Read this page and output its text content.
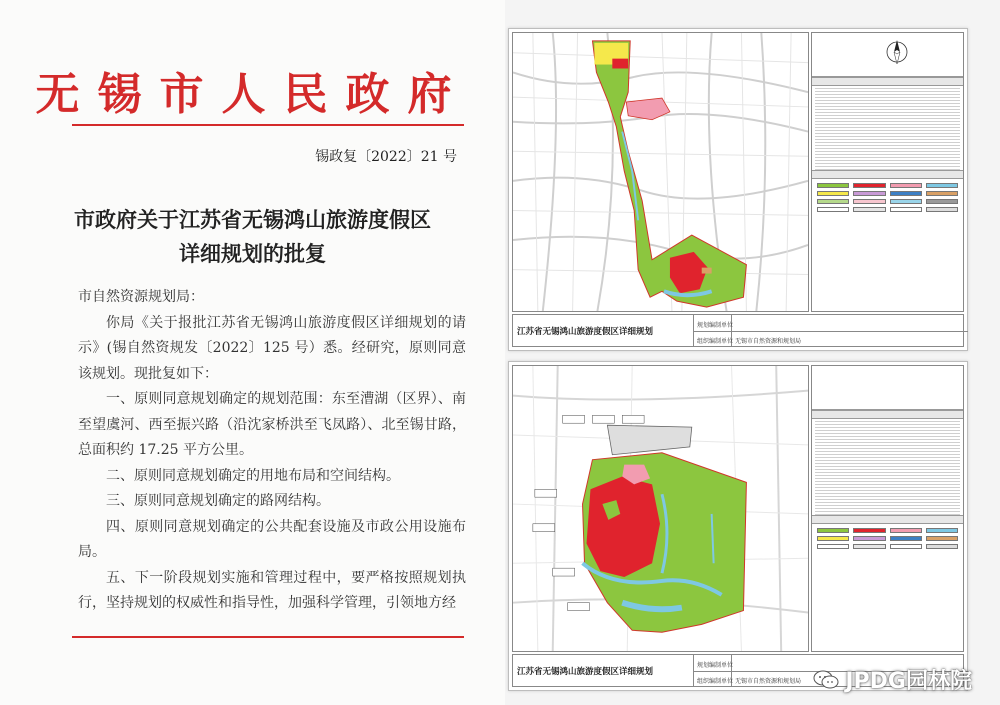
无锡市人民政府
锡政复〔2022〕21 号
市政府关于江苏省无锡鸿山旅游度假区
详细规划的批复

市自然资源规划局：

你局《关于报批江苏省无锡鸿山旅游度假区详细规划的请示》(锡自然资规发〔2022〕125 号）悉。经研究，原则同意该规划。现批复如下：

一、原则同意规划确定的规划范围：东至漕湖（区界）、南至望虞河、西至振兴路（沿沈家桥洪至飞凤路）、北至锡甘路，总面积约 17.25 平方公里。

二、原则同意规划确定的用地布局和空间结构。

三、原则同意规划确定的路网结构。

四、原则同意规划确定的公共配套设施及市政公用设施布局。

五、下一阶段规划实施和管理过程中，要严格按照规划执行，坚持规划的权威性和指导性，加强科学管理，引领地方经

江苏省无锡鸿山旅游度假区详细规划
规划编制单位
组织编制单位 无锡市自然资源和规划局
江苏省无锡鸿山旅游度假区详细规划
规划编制单位
组织编制单位 无锡市自然资源和规划局 JPDG园林院
